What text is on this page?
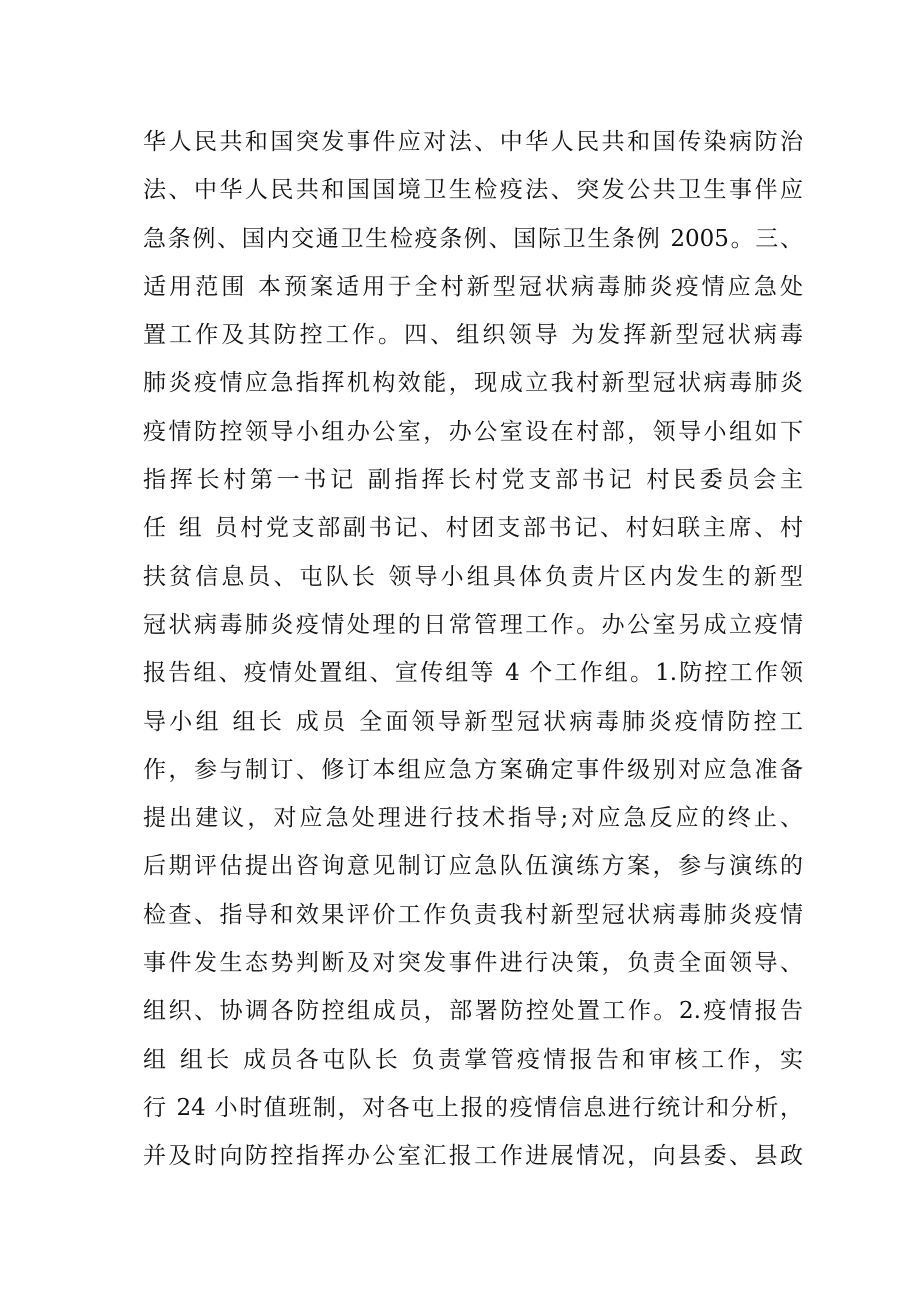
华人民共和国突发事件应对法、中华人民共和国传染病防治
法、中华人民共和国国境卫生检疫法、突发公共卫生事伴应
急条例、国内交通卫生检疫条例、国际卫生条例 2005。三、
适用范围 本预案适用于全村新型冠状病毒肺炎疫情应急处
置工作及其防控工作。四、组织领导 为发挥新型冠状病毒
肺炎疫情应急指挥机构效能，现成立我村新型冠状病毒肺炎
疫情防控领导小组办公室，办公室设在村部，领导小组如下
指挥长村第一书记 副指挥长村党支部书记 村民委员会主
任 组 员村党支部副书记、村团支部书记、村妇联主席、村
扶贫信息员、屯队长 领导小组具体负责片区内发生的新型
冠状病毒肺炎疫情处理的日常管理工作。办公室另成立疫情
报告组、疫情处置组、宣传组等 4 个工作组。1.防控工作领
导小组 组长 成员 全面领导新型冠状病毒肺炎疫情防控工
作，参与制订、修订本组应急方案确定事件级别对应急准备
提出建议，对应急处理进行技术指导;对应急反应的终止、
后期评估提出咨询意见制订应急队伍演练方案，参与演练的
检查、指导和效果评价工作负责我村新型冠状病毒肺炎疫情
事件发生态势判断及对突发事件进行决策，负责全面领导、
组织、协调各防控组成员，部署防控处置工作。2.疫情报告
组 组长 成员各屯队长 负责掌管疫情报告和审核工作，实
行 24 小时值班制，对各屯上报的疫情信息进行统计和分析，
并及时向防控指挥办公室汇报工作进展情况，向县委、县政
